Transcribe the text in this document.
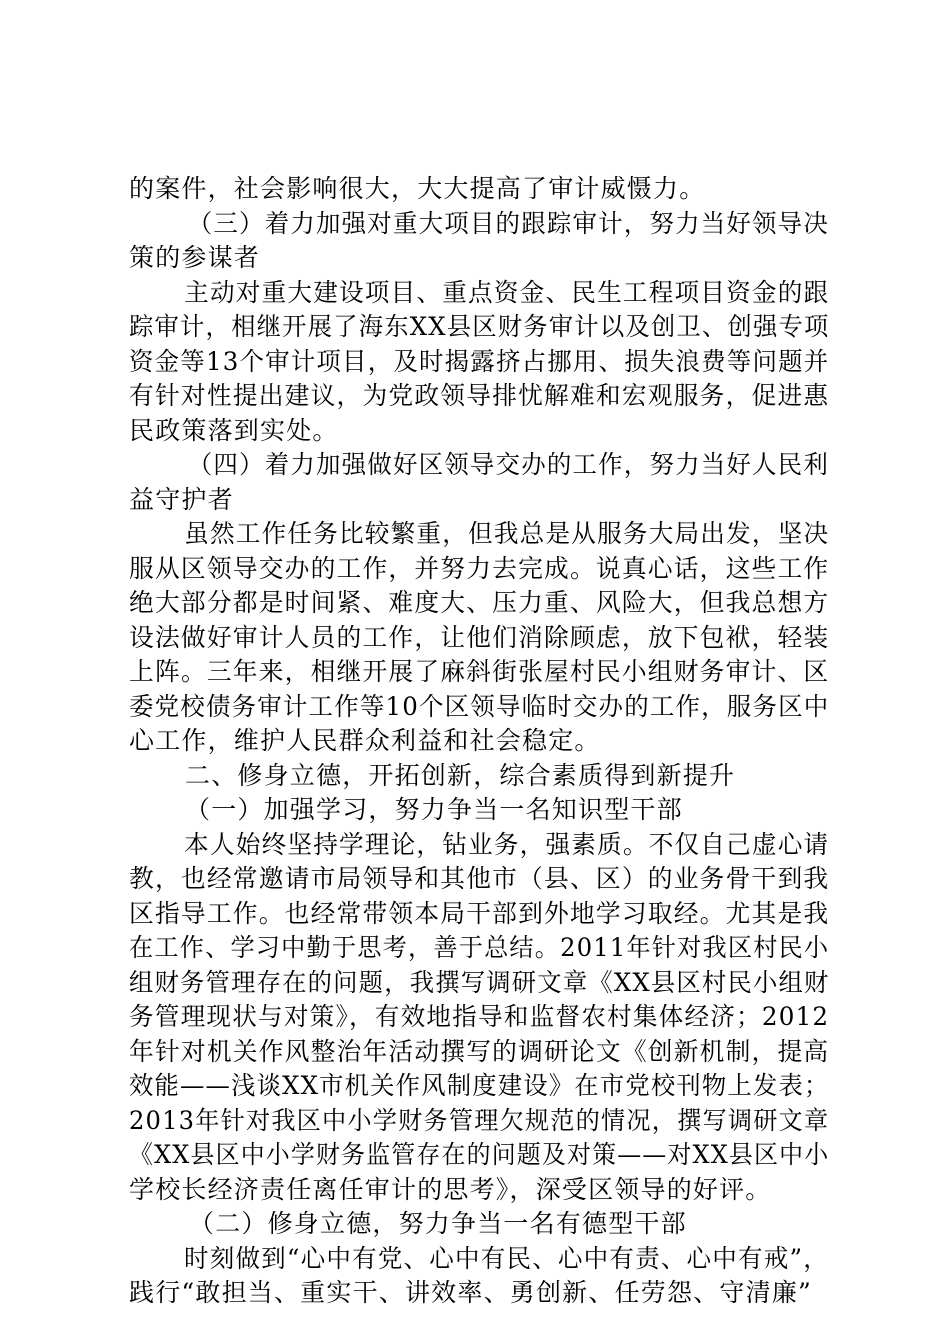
的案件，社会影响很大，大大提高了审计威慑力。
（三）着力加强对重大项目的跟踪审计，努力当好领导决
策的参谋者
主动对重大建设项目、重点资金、民生工程项目资金的跟
踪审计，相继开展了海东XX县区财务审计以及创卫、创强专项
资金等13个审计项目，及时揭露挤占挪用、损失浪费等问题并
有针对性提出建议，为党政领导排忧解难和宏观服务，促进惠
民政策落到实处。
（四）着力加强做好区领导交办的工作，努力当好人民利
益守护者
虽然工作任务比较繁重，但我总是从服务大局出发，坚决
服从区领导交办的工作，并努力去完成。说真心话，这些工作
绝大部分都是时间紧、难度大、压力重、风险大，但我总想方
设法做好审计人员的工作，让他们消除顾虑，放下包袱，轻装
上阵。三年来，相继开展了麻斜街张屋村民小组财务审计、区
委党校债务审计工作等10个区领导临时交办的工作，服务区中
心工作，维护人民群众利益和社会稳定。
二、修身立德，开拓创新，综合素质得到新提升
（一）加强学习，努力争当一名知识型干部
本人始终坚持学理论，钻业务，强素质。不仅自己虚心请
教，也经常邀请市局领导和其他市（县、区）的业务骨干到我
区指导工作。也经常带领本局干部到外地学习取经。尤其是我
在工作、学习中勤于思考，善于总结。2011年针对我区村民小
组财务管理存在的问题，我撰写调研文章《XX县区村民小组财
务管理现状与对策》，有效地指导和监督农村集体经济；2012
年针对机关作风整治年活动撰写的调研论文《创新机制，提高
效能——浅谈XX市机关作风制度建设》在市党校刊物上发表；
2013年针对我区中小学财务管理欠规范的情况，撰写调研文章
《XX县区中小学财务监管存在的问题及对策——对XX县区中小
学校长经济责任离任审计的思考》，深受区领导的好评。
（二）修身立德，努力争当一名有德型干部
时刻做到“心中有党、心中有民、心中有责、心中有戒”，
践行“敢担当、重实干、讲效率、勇创新、任劳怨、守清廉”
